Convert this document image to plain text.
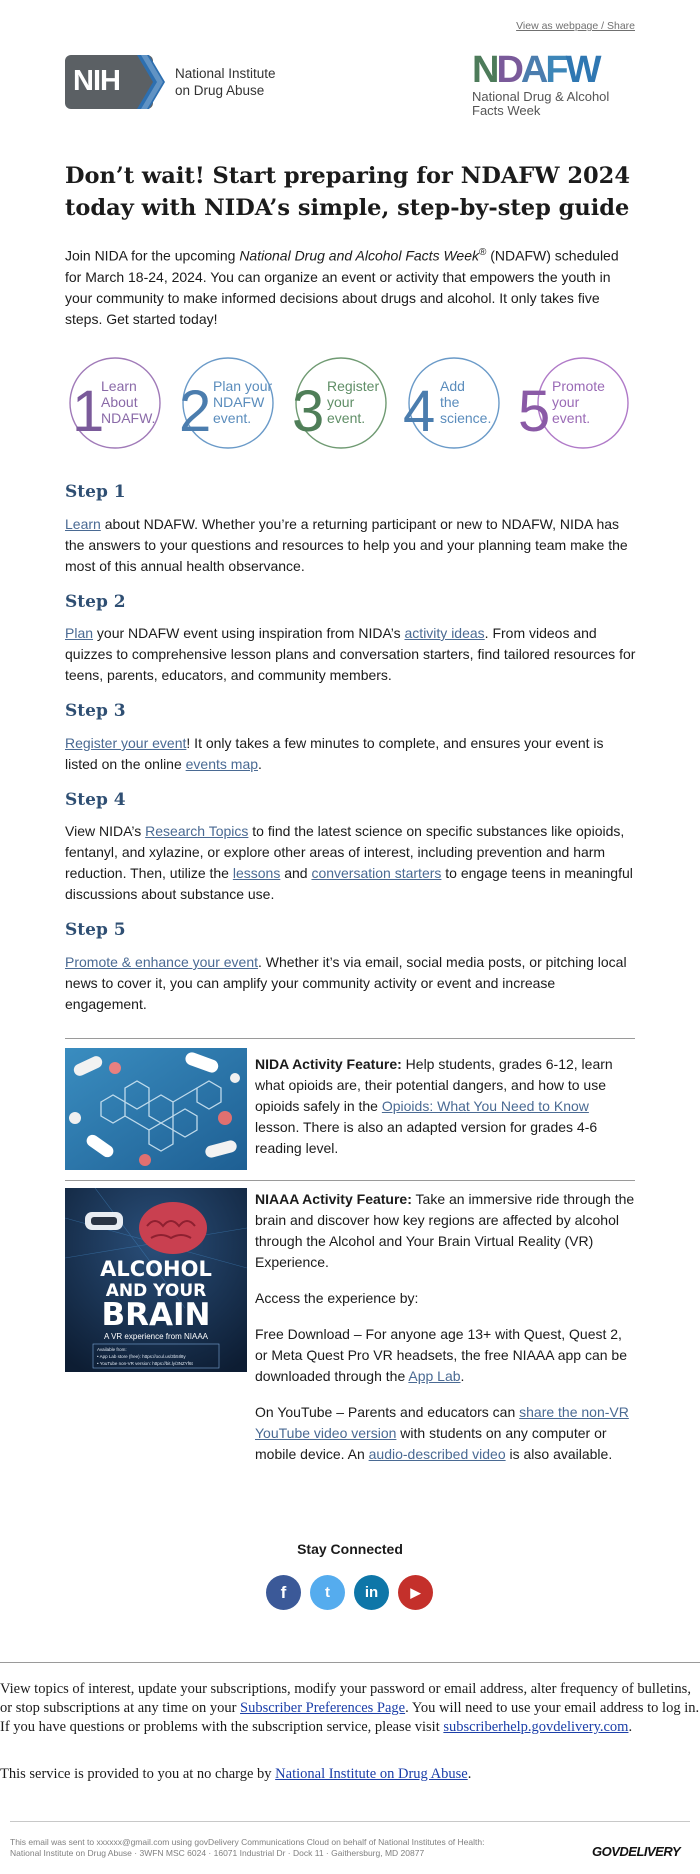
View as webpage / Share
NIH	National Institute
on Drug Abuse	NDAFW
National Drug & Alcohol
Facts Week
Don’t wait! Start preparing for NDAFW 2024 today with NIDA’s simple, step-by-step guide

Join NIDA for the upcoming National Drug and Alcohol Facts Week® (NDAFW) scheduled for March 18-24, 2024. You can organize an event or activity that empowers the youth in your community to make informed decisions about drugs and alcohol. It only takes five steps. Get started today!

1
Learn
About
NDAFW. 2 Plan your
NDAFW
event. 3 Register
your
event. 4 Add
the
science. 5 Promote
your
event.
Step 1

Learn about NDAFW. Whether you’re a returning participant or new to NDAFW, NIDA has the answers to your questions and resources to help you and your planning team make the most of this annual health observance.

Step 2

Plan your NDAFW event using inspiration from NIDA’s activity ideas. From videos and quizzes to comprehensive lesson plans and conversation starters, find tailored resources for teens, parents, educators, and community members.

Step 3

Register your event! It only takes a few minutes to complete, and ensures your event is listed on the online events map.

Step 4

View NIDA’s Research Topics to find the latest science on specific substances like opioids, fentanyl, and xylazine, or explore other areas of interest, including prevention and harm reduction. Then, utilize the lessons and conversation starters to engage teens in meaningful discussions about substance use.

Step 5

Promote & enhance your event. Whether it’s via email, social media posts, or pitching local news to cover it, you can amplify your community activity or event and increase engagement.

NIDA Activity Feature: Help students, grades 6-12, learn what opioids are, their potential dangers, and how to use opioids safely in the Opioids: What You Need to Know lesson. There is also an adapted version for grades 4-6 reading level.

ALCOHOL
AND YOUR
BRAIN
A VR experience from NIAAA
Available from:
• App Lab store (free): https://ocul.us/3b5Il8y
• YouTube non-VR version: https://bit.ly/3NZYf6t

NIAAA Activity Feature: Take an immersive ride through the brain and discover how key regions are affected by alcohol through the Alcohol and Your Brain Virtual Reality (VR) Experience.

Access the experience by:

Free Download – For anyone age 13+ with Quest, Quest 2, or Meta Quest Pro VR headsets, the free NIAAA app can be downloaded through the App Lab.

On YouTube – Parents and educators can share the non-VR YouTube video version with students on any computer or mobile device. An audio-described video is also available.

Stay Connected
f	t	in	▶

View topics of interest, update your subscriptions, modify your password or email address, alter frequency of bulletins, or stop subscriptions at any time on your Subscriber Preferences Page. You will need to use your email address to log in. If you have questions or problems with the subscription service, please visit subscriberhelp.govdelivery.com.

This service is provided to you at no charge by National Institute on Drug Abuse.

This email was sent to xxxxxx@gmail.com using govDelivery Communications Cloud on behalf of National Institutes of Health:
National Institute on Drug Abuse · 3WFN MSC 6024 · 16071 Industrial Dr · Dock 11 · Gaithersburg, MD 20877	GOVDELIVERY
